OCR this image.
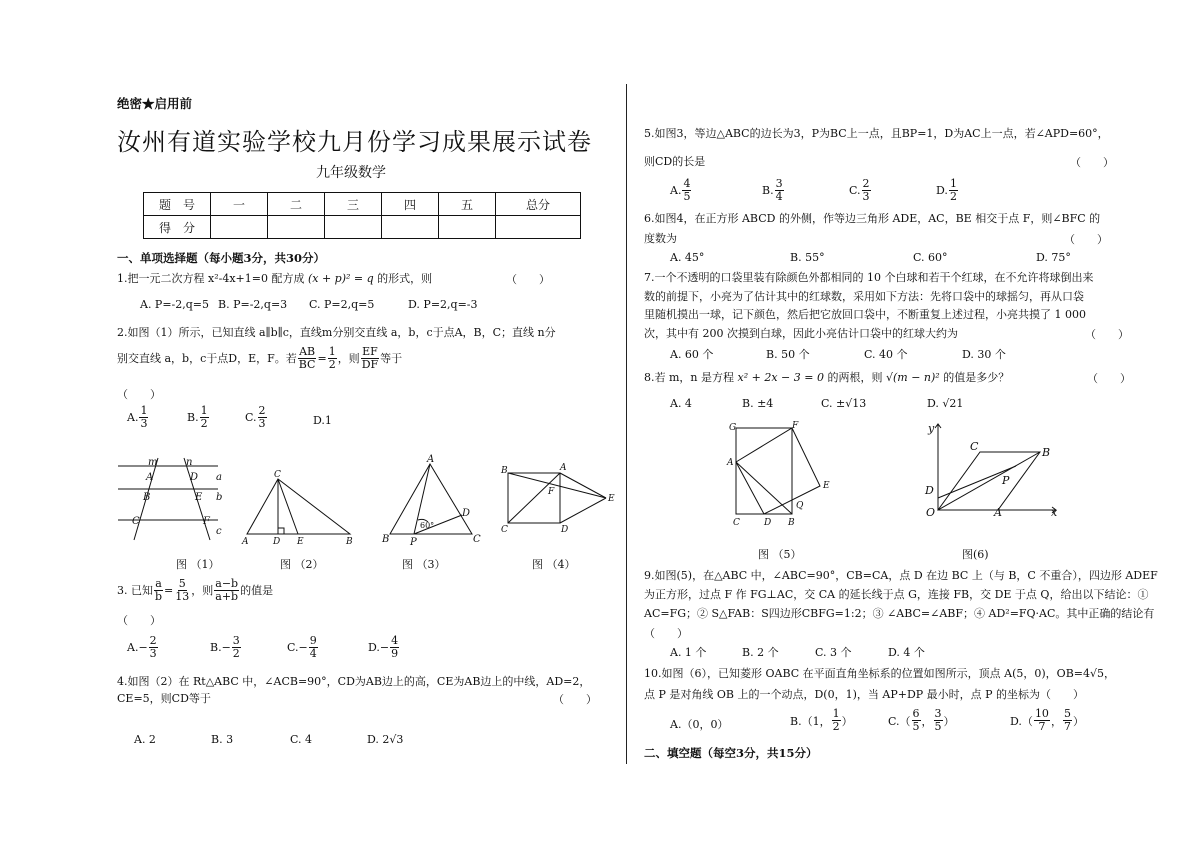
绝密★启用前
汝州有道实验学校九月份学习成果展示试卷
九年级数学
题　号	一	二	三	四	五	总分
得　分						
一、单项选择题（每小题3分，共30分）
1.把一元二次方程 x²-4x+1=0 配方成 (x + p)² = q 的形式，则	（　　）
A. P=-2,q=5 B. P=-2,q=3 C. P=2,q=5	D. P=2,q=-3
2.如图（1）所示，已知直线 a∥b∥c，直线m分别交直线 a，b，c于点A，B，C；直线 n分
别交直线 a，b，c于点D，E，F。若 $\frac{AB}{BC} = \frac{1}{2}$ ，则 $\frac{EF}{DF}$ 等于
（　　）
A. $\frac{1}{3}$	B. $\frac{1}{2}$	C. $\frac{2}{3}$	D.1
m	n
A	D a
B	E b
C	F
c
C
A	D E	B
A
B P	C
D
60°
B	A
F
E
C	D
图 （1）	图 （2）	图 （3）	图 （4）
3. 已知 $\frac{a}{b} = \frac{5}{13}$ ，则 $\frac{a-b}{a+b}$ 的值是
（　　）
$A.- \frac{2}{3}$	$B.- \frac{3}{2}$	$C.- \frac{9}{4}$	$D.- \frac{4}{9}$
4.如图（2）在 Rt△ABC 中，∠ACB=90°，CD为AB边上的高，CE为AB边上的中线，AD=2，
CE=5，则CD等于	（　　）
A. 2	B. 3	C. 4	D. 2√3
5.如图3，等边△ABC的边长为3，P为BC上一点，且BP=1，D为AC上一点，若∠APD=60°，
则CD的长是	（　　）
A. $\frac{4}{5}$	B. $\frac{3}{4}$	C. $\frac{2}{3}$	D. $\frac{1}{2}$
6.如图4，在正方形 ABCD 的外侧，作等边三角形 ADE，AC，BE 相交于点 F，则∠BFC 的
度数为	（　　）
A. 45°	B. 55°	C. 60°	D. 75°
7.一个不透明的口袋里装有除颜色外都相同的 10 个白球和若干个红球，在不允许将球倒出来
数的前提下，小亮为了估计其中的红球数，采用如下方法：先将口袋中的球摇匀，再从口袋
里随机摸出一球，记下颜色，然后把它放回口袋中，不断重复上述过程，小亮共摸了 1 000
次，其中有 200 次摸到白球，因此小亮估计口袋中的红球大约为	（　　）
A. 60 个	B. 50 个	C. 40 个	D. 30 个
8.若 m，n 是方程 x² + 2x − 3 = 0 的两根，则 √(m − n)² 的值是多少？	（　　）
A. 4	B. ±4	C. ±√13	D. √21
G	F
A
E
Q
C	D B
y
C	B
P
D
O	A	x
图 （5）	图(6)
9.如图(5)，在△ABC 中，∠ABC=90°，CB=CA，点 D 在边 BC 上（与 B，C 不重合），四边形 ADEF
为正方形，过点 F 作 FG⊥AC，交 CA 的延长线于点 G，连接 FB，交 DE 于点 Q，给出以下结论：①
AC=FG；② S△FAB：S四边形CBFG=1:2；③ ∠ABC=∠ABF；④ AD²=FQ·AC。其中正确的结论有
（　　）
A. 1 个	B. 2 个	C. 3 个	D. 4 个
10.如图（6），已知菱形 OABC 在平面直角坐标系的位置如图所示，顶点 A(5，0)，OB=4√5，
点 P 是对角线 OB 上的一个动点，D(0，1)，当 AP+DP 最小时，点 P 的坐标为（　　）
A.（0，0）	B.（1， $\frac{1}{2}$ ）	$C.( \frac{6}{5}$ ， $\frac{3}{5}$ ）	$D.( \frac{10}{7}$ ， $\frac{5}{7}$ ）
二、填空题（每空3分，共15分）
